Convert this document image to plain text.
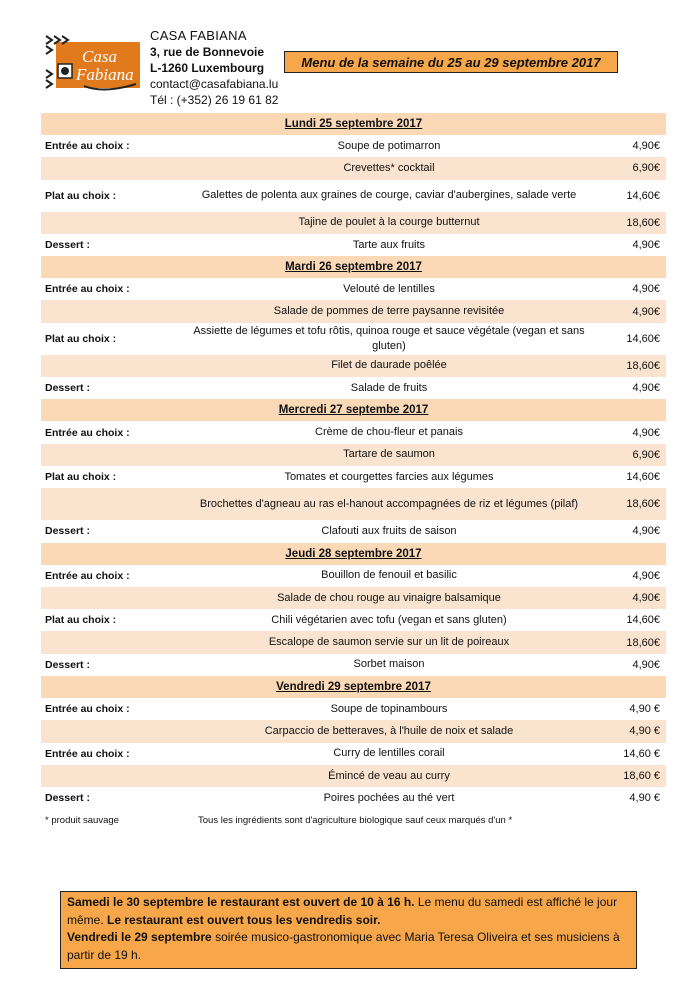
Casa
Fabiana
CASA FABIANA
3, rue de Bonnevoie
L-1260 Luxembourg
contact@casafabiana.lu
Tél : (+352) 26 19 61 82
Menu de la semaine du 25 au 29 septembre 2017
Lundi 25 septembre 2017		
Entrée au choix :	Soupe de potimarron	4,90€
	Crevettes* cocktail	6,90€
Plat au choix :	Galettes de polenta aux graines de courge, caviar d'aubergines, salade verte	14,60€
	Tajine de poulet à la courge butternut	18,60€
Dessert :	Tarte aux fruits	4,90€
Mardi 26 septembre 2017		
Entrée au choix :	Velouté de lentilles	4,90€
	Salade de pommes de terre paysanne revisitée	4,90€
Plat au choix :	Assiette de légumes et tofu rôtis, quinoa rouge et sauce végétale (vegan et sans gluten)	14,60€
	Filet de daurade poêlée	18,60€
Dessert :	Salade de fruits	4,90€
Mercredi 27 septembe 2017		
Entrée au choix :	Crème de chou-fleur et panais	4,90€
	Tartare de saumon	6,90€
Plat au choix :	Tomates et courgettes farcies aux légumes	14,60€
	Brochettes d'agneau au ras el-hanout accompagnées de riz et légumes (pilaf)	18,60€
Dessert :	Clafouti aux fruits de saison	4,90€
Jeudi 28 septembre 2017		
Entrée au choix :	Bouillon de fenouil et basilic	4,90€
	Salade de chou rouge au vinaigre balsamique	4,90€
Plat au choix :	Chili végétarien avec tofu (vegan et sans gluten)	14,60€
	Escalope de saumon servie sur un lit de poireaux	18,60€
Dessert :	Sorbet maison	4,90€
Vendredi 29 septembre 2017		
Entrée au choix :	Soupe de topinambours	4,90 €
	Carpaccio de betteraves, à l'huile de noix et salade	4,90 €
Entrée au choix :	Curry de lentilles corail	14,60 €
	Émincé de veau au curry	18,60 €
Dessert :	Poires pochées au thé vert	4,90 €
* produit sauvage	Tous les ingrédients sont d'agriculture biologique sauf ceux marqués d'un *	
Samedi le 30 septembre le restaurant est ouvert de 10 à 16 h. Le menu du samedi est affiché le jour même. Le restaurant est ouvert tous les vendredis soir.
Vendredi le 29 septembre soirée musico-gastronomique avec Maria Teresa Oliveira et ses musiciens à partir de 19 h.
